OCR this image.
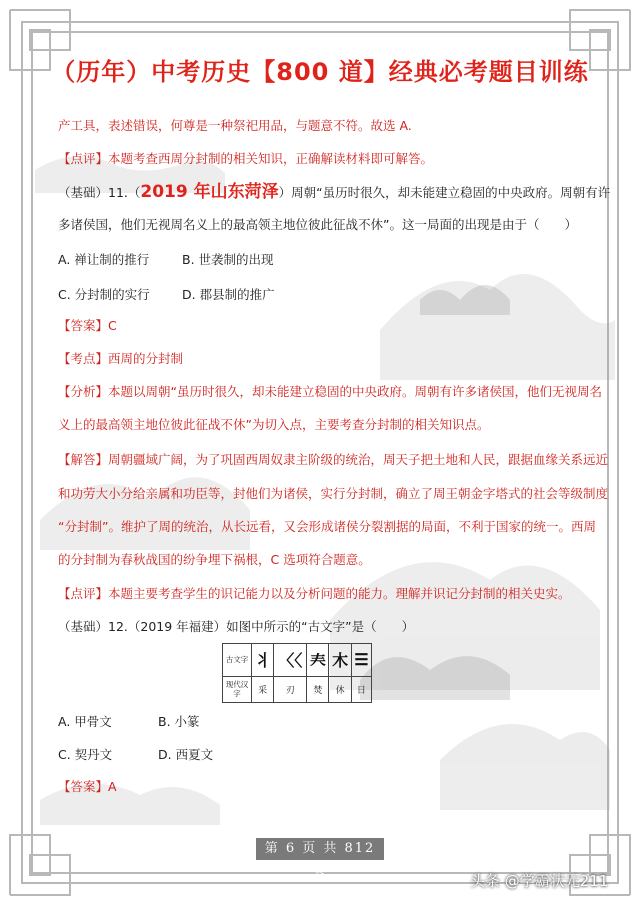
（历年）中考历史【800 道】经典必考题目训练
产工具，表述错误，何尊是一种祭祀用品，与题意不符。故选 A.
【点评】本题考查西周分封制的相关知识，正确解读材料即可解答。
（基础）11.（2019 年山东菏泽）周朝“虽历时很久，却未能建立稳固的中央政府。周朝有许
多诸侯国，他们无视周名义上的最高领主地位彼此征战不休”。这一局面的出现是由于（　　）
A. 禅让制的推行	B. 世袭制的出现
C. 分封制的实行	D. 郡县制的推广
【答案】C
【考点】西周的分封制
【分析】本题以周朝“虽历时很久，却未能建立稳固的中央政府。周朝有许多诸侯国，他们无视周名
义上的最高领主地位彼此征战不休”为切入点，主要考查分封制的相关知识点。
【解答】周朝疆域广阔，为了巩固西周奴隶主阶级的统治，周天子把土地和人民，跟据血缘关系远近
和功劳大小分给亲属和功臣等，封他们为诸侯，实行分封制，确立了周王朝金字塔式的社会等级制度
“分封制”。维护了周的统治，从长远看，又会形成诸侯分裂割据的局面，不利于国家的统一。西周
的分封制为春秋战国的纷争埋下祸根，C 选项符合题意。
【点评】本题主要考查学生的识记能力以及分析问题的能力。理解并识记分封制的相关史实。
（基础）12.（2019 年福建）如图中所示的“古文字”是（　　）
古文字	⺦	〈〈	𡗗	⽊	☰
现代汉字	采	刃	焚	休	日
A. 甲骨文	B. 小篆
C. 契丹文	D. 西夏文
【答案】A
第 6 页 共 812 页
头条 @学霸状元211
